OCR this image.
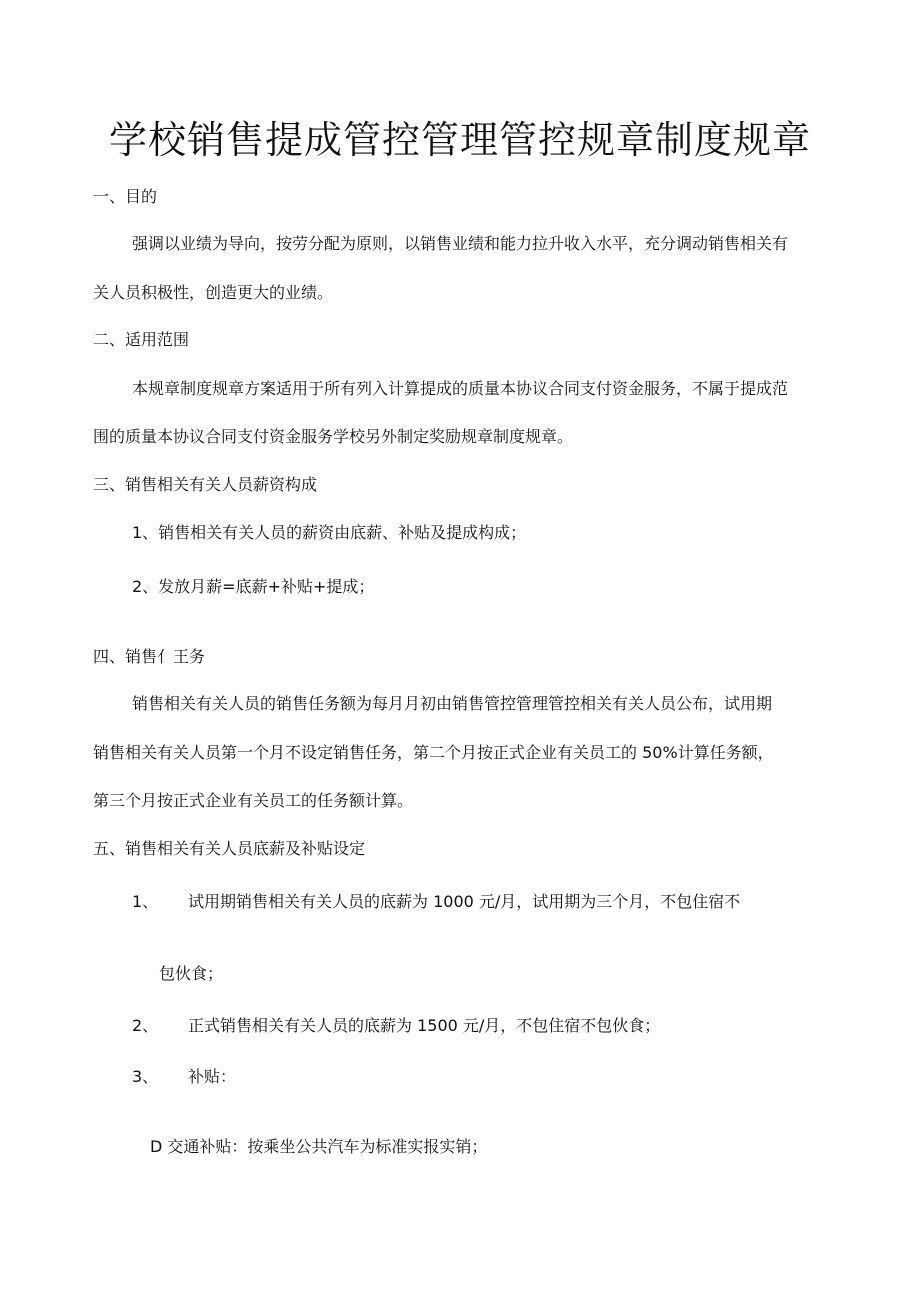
学校销售提成管控管理管控规章制度规章
一、目的
强调以业绩为导向，按劳分配为原则，以销售业绩和能力拉升收入水平，充分调动销售相关有
关人员积极性，创造更大的业绩。
二、适用范围
本规章制度规章方案适用于所有列入计算提成的质量本协议合同支付资金服务，不属于提成范
围的质量本协议合同支付资金服务学校另外制定奖励规章制度规章。
三、销售相关有关人员薪资构成
1、销售相关有关人员的薪资由底薪、补贴及提成构成；
2、发放月薪=底薪+补贴+提成；
四、销售亻王务
销售相关有关人员的销售任务额为每月月初由销售管控管理管控相关有关人员公布，试用期
销售相关有关人员第一个月不设定销售任务，第二个月按正式企业有关员工的 50%计算任务额，
第三个月按正式企业有关员工的任务额计算。
五、销售相关有关人员底薪及补贴设定
1、 试用期销售相关有关人员的底薪为 1000 元/月，试用期为三个月，不包住宿不
包伙食；
2、 正式销售相关有关人员的底薪为 1500 元/月，不包住宿不包伙食；
3、 补贴：
D 交通补贴：按乘坐公共汽车为标准实报实销；
